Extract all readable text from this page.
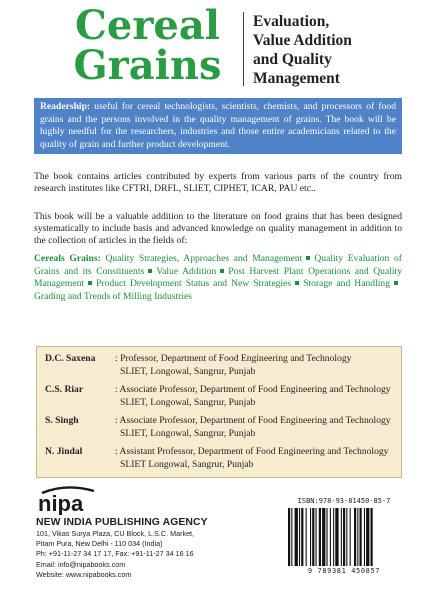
Cereal
Grains
Evaluation,
Value Addition
and Quality
Management
Readership: useful for cereal technologists, scientists, chemists, and processors of food grains and the persons involved in the quality management of grains. The book will be highly needful for the researchers, industries and those entire academicians related to the quality of grain and further product development.
The book contains articles contributed by experts from various parts of the country from research institutes like CFTRI, DRFL, SLIET, CIPHET, ICAR, PAU etc..
This book will be a valuable addition to the literature on food grains that has been designed systematically to include basis and advanced knowledge on quality management in addition to the collection of articles in the fields of:
Cereals Grains: Quality Strategies, Approaches and Management Quality Evaluation of Grains and its Constituents Value Addition Post Harvest Plant Operations and Quality Management Product Development Status and New Strategies Storage and HandlingGrading and Trends of Milling Industries
D.C. Saxena	: Professor, Department of Food Engineering and Technology
SLIET, Longowal, Sangrur, Punjab
C.S. Riar	: Associate Professor, Department of Food Engineering and Technology
SLIET, Longowal, Sangrur, Punjab
S. Singh	: Associate Professor, Department of Food Engineering and Technology
SLIET, Longowal, Sangrur, Punjab
N. Jindal	: Assistant Professor, Department of Food Engineering and Technology
SLIET Longowal, Sangrur, Punjab
nipa
NEW INDIA PUBLISHING AGENCY
101, Vikas Surya Plaza, CU Block, L.S.C. Market,
Pitam Pura, New Delhi - 110 034 (India)
Ph: +91-11-27 34 17 17, Fax: +91-11-27 34 16 16
Email: info@nipabooks.com
Website: www.nipabooks.com
ISBN:978-93-81450-85-7
9 789381 450857
